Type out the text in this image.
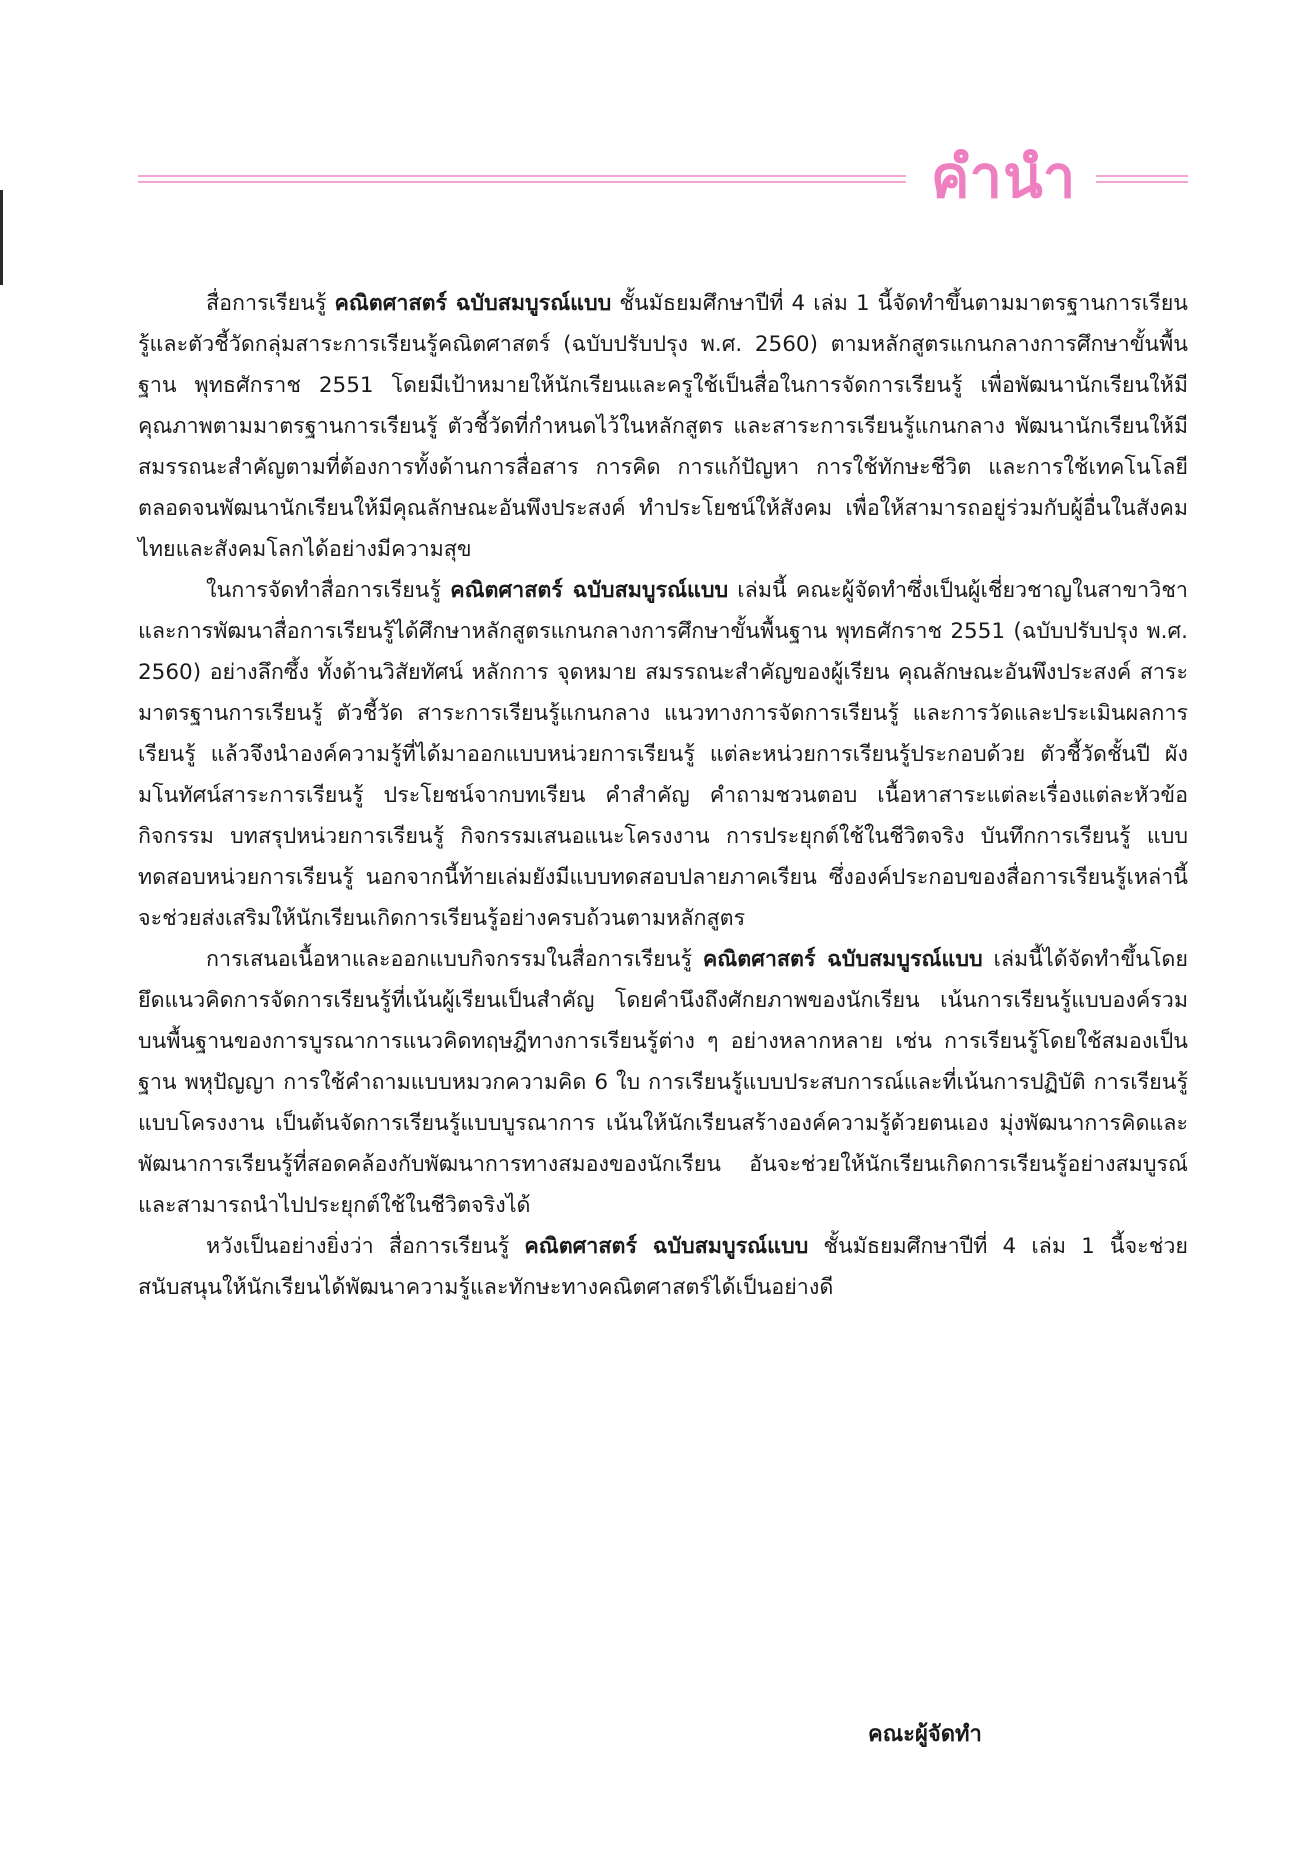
คำนำ

สื่อการเรียนรู้ คณิตศาสตร์ ฉบับสมบูรณ์แบบ ชั้นมัธยมศึกษาปีที่ 4 เล่ม 1 นี้จัดทำขึ้นตามมาตรฐานการเรียนรู้และตัวชี้วัดกลุ่มสาระการเรียนรู้คณิตศาสตร์ (ฉบับปรับปรุง พ.ศ. 2560) ตามหลักสูตรแกนกลางการศึกษาขั้นพื้นฐาน พุทธศักราช 2551 โดยมีเป้าหมายให้นักเรียนและครูใช้เป็นสื่อในการจัดการเรียนรู้ เพื่อพัฒนานักเรียนให้มีคุณภาพตามมาตรฐานการเรียนรู้ ตัวชี้วัดที่กำหนดไว้ในหลักสูตร และสาระการเรียนรู้แกนกลาง พัฒนานักเรียนให้มีสมรรถนะสำคัญตามที่ต้องการทั้งด้านการสื่อสาร การคิด การแก้ปัญหา การใช้ทักษะชีวิต และการใช้เทคโนโลยี ตลอดจนพัฒนานักเรียนให้มีคุณลักษณะอันพึงประสงค์ ทำประโยชน์ให้สังคม เพื่อให้สามารถอยู่ร่วมกับผู้อื่นในสังคมไทยและสังคมโลกได้อย่างมีความสุข

ในการจัดทำสื่อการเรียนรู้ คณิตศาสตร์ ฉบับสมบูรณ์แบบ เล่มนี้ คณะผู้จัดทำซึ่งเป็นผู้เชี่ยวชาญในสาขาวิชาและการพัฒนาสื่อการเรียนรู้ได้ศึกษาหลักสูตรแกนกลางการศึกษาขั้นพื้นฐาน พุทธศักราช 2551 (ฉบับปรับปรุง พ.ศ. 2560) อย่างลึกซึ้ง ทั้งด้านวิสัยทัศน์ หลักการ จุดหมาย สมรรถนะสำคัญของผู้เรียน คุณลักษณะอันพึงประสงค์ สาระ มาตรฐานการเรียนรู้ ตัวชี้วัด สาระการเรียนรู้แกนกลาง แนวทางการจัดการเรียนรู้ และการวัดและประเมินผลการเรียนรู้ แล้วจึงนำองค์ความรู้ที่ได้มาออกแบบหน่วยการเรียนรู้ แต่ละหน่วยการเรียนรู้ประกอบด้วย ตัวชี้วัดชั้นปี ผังมโนทัศน์สาระการเรียนรู้ ประโยชน์จากบทเรียน คำสำคัญ คำถามชวนตอบ เนื้อหาสาระแต่ละเรื่องแต่ละหัวข้อ กิจกรรม บทสรุปหน่วยการเรียนรู้ กิจกรรมเสนอแนะโครงงาน การประยุกต์ใช้ในชีวิตจริง บันทึกการเรียนรู้ แบบทดสอบหน่วยการเรียนรู้ นอกจากนี้ท้ายเล่มยังมีแบบทดสอบปลายภาคเรียน ซึ่งองค์ประกอบของสื่อการเรียนรู้เหล่านี้จะช่วยส่งเสริมให้นักเรียนเกิดการเรียนรู้อย่างครบถ้วนตามหลักสูตร

การเสนอเนื้อหาและออกแบบกิจกรรมในสื่อการเรียนรู้ คณิตศาสตร์ ฉบับสมบูรณ์แบบ เล่มนี้ได้จัดทำขึ้นโดยยึดแนวคิดการจัดการเรียนรู้ที่เน้นผู้เรียนเป็นสำคัญ โดยคำนึงถึงศักยภาพของนักเรียน เน้นการเรียนรู้แบบองค์รวมบนพื้นฐานของการบูรณาการแนวคิดทฤษฎีทางการเรียนรู้ต่าง ๆ อย่างหลากหลาย เช่น การเรียนรู้โดยใช้สมองเป็นฐาน พหุปัญญา การใช้คำถามแบบหมวกความคิด 6 ใบ การเรียนรู้แบบประสบการณ์และที่เน้นการปฏิบัติ การเรียนรู้แบบโครงงาน เป็นต้นจัดการเรียนรู้แบบบูรณาการ เน้นให้นักเรียนสร้างองค์ความรู้ด้วยตนเอง มุ่งพัฒนาการคิดและพัฒนาการเรียนรู้ที่สอดคล้องกับพัฒนาการทางสมองของนักเรียน อันจะช่วยให้นักเรียนเกิดการเรียนรู้อย่างสมบูรณ์และสามารถนำไปประยุกต์ใช้ในชีวิตจริงได้

หวังเป็นอย่างยิ่งว่า สื่อการเรียนรู้ คณิตศาสตร์ ฉบับสมบูรณ์แบบ ชั้นมัธยมศึกษาปีที่ 4 เล่ม 1 นี้จะช่วยสนับสนุนให้นักเรียนได้พัฒนาความรู้และทักษะทางคณิตศาสตร์ได้เป็นอย่างดี

คณะผู้จัดทำ
